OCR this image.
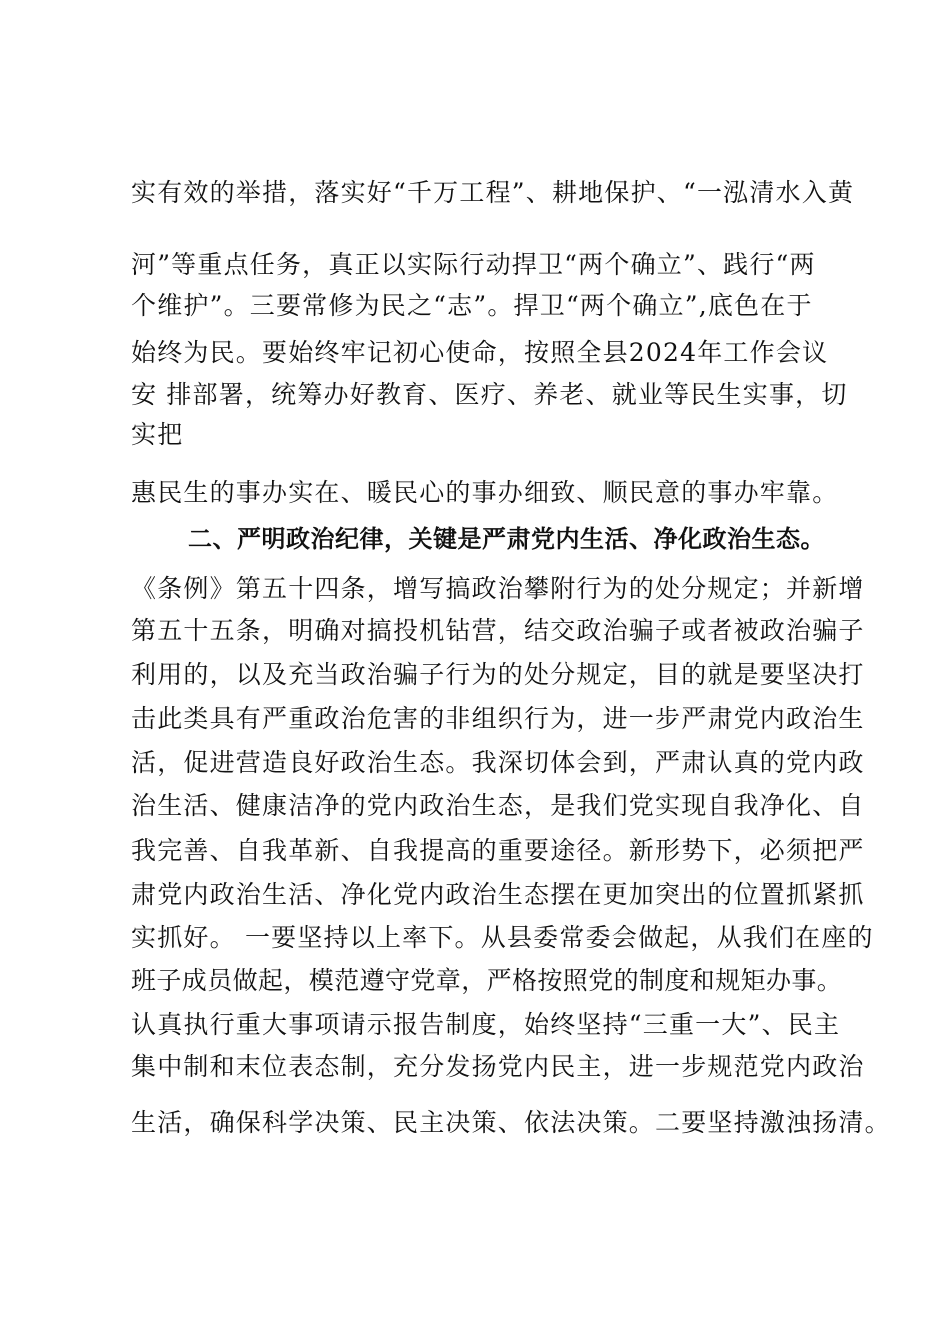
实有效的举措，落实好“千万工程”、耕地保护、“一泓清水入黄
河”等重点任务，真正以实际行动捍卫“两个确立”、践行“两
个维护”。三要常修为民之“志”。捍卫“两个确立”,底色在于
始终为民。要始终牢记初心使命，按照全县2024年工作会议
安 排部署，统筹办好教育、医疗、养老、就业等民生实事，切
实把
惠民生的事办实在、暖民心的事办细致、顺民意的事办牢靠。
二、严明政治纪律，关键是严肃党内生活、净化政治生态。
《条例》第五十四条，增写搞政治攀附行为的处分规定；并新增
第五十五条，明确对搞投机钻营，结交政治骗子或者被政治骗子
利用的，以及充当政治骗子行为的处分规定，目的就是要坚决打
击此类具有严重政治危害的非组织行为，进一步严肃党内政治生
活，促进营造良好政治生态。我深切体会到，严肃认真的党内政
治生活、健康洁净的党内政治生态，是我们党实现自我净化、自
我完善、自我革新、自我提高的重要途径。新形势下，必须把严
肃党内政治生活、净化党内政治生态摆在更加突出的位置抓紧抓
实抓好。 一要坚持以上率下。从县委常委会做起，从我们在座的
班子成员做起，模范遵守党章，严格按照党的制度和规矩办事。
认真执行重大事项请示报告制度，始终坚持“三重一大”、民主
集中制和末位表态制，充分发扬党内民主，进一步规范党内政治
生活，确保科学决策、民主决策、依法决策。二要坚持激浊扬清。
